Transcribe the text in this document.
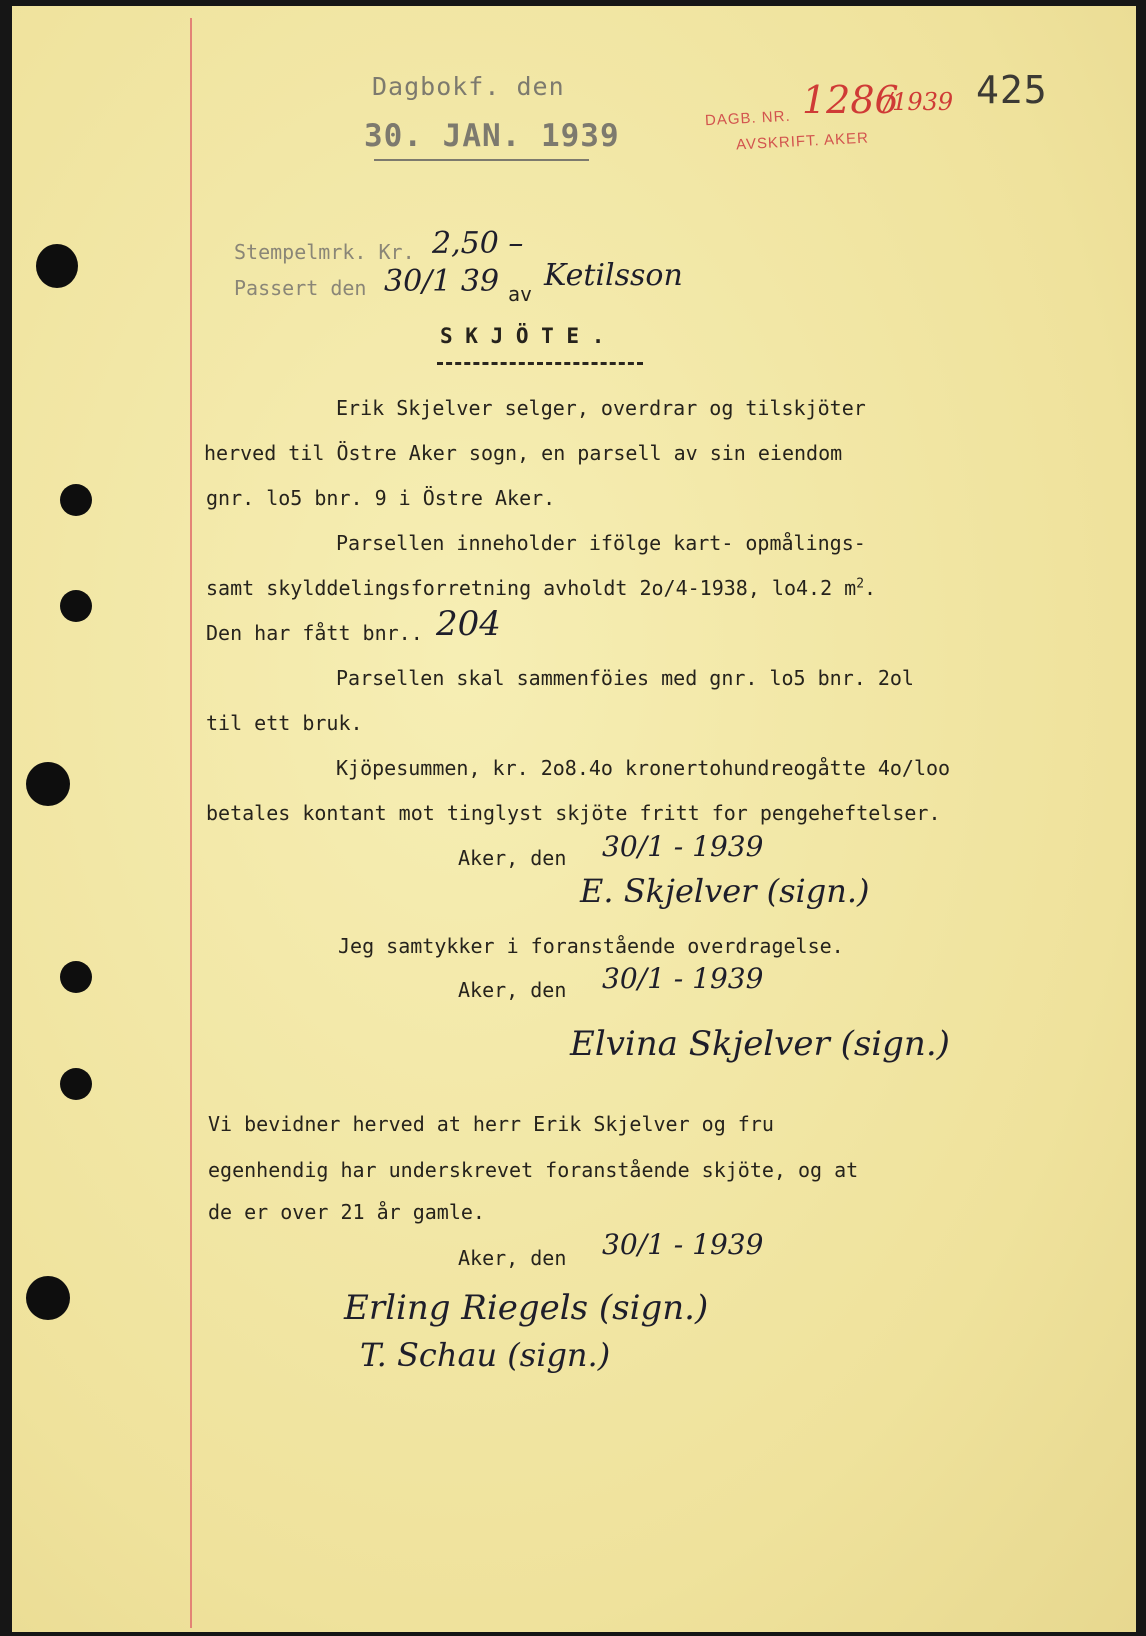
Dagbokf. den
30. JAN. 1939	DAGB. NR. 1286
/1939
AVSKRIFT. AKER
425
Stempelmrk. Kr. 2,50 –
Passert den 30/1 39 av
Ketilsson
S K J Ö T E .
Erik Skjelver selger, overdrar og tilskjöter
herved til Östre Aker sogn, en parsell av sin eiendom
gnr. lo5 bnr. 9 i Östre Aker.
Parsellen inneholder ifölge kart- opmålings-
samt skylddelingsforretning avholdt 2o/4-1938, lo4.2 $m^2$.
Den har fått bnr.. 204
Parsellen skal sammenföies med gnr. lo5 bnr. 2ol
til ett bruk.
Kjöpesummen, kr. 2o8.4o kronertohundreogåtte 4o/loo
betales kontant mot tinglyst skjöte fritt for pengeheftelser.
Aker, den 30/1 - 1939
E. Skjelver (sign.)
Jeg samtykker i foranstående overdragelse.
Aker, den 30/1 - 1939
Elvina Skjelver (sign.)
Vi bevidner herved at herr Erik Skjelver og fru
egenhendig har underskrevet foranstående skjöte, og at
de er over 21 år gamle.
Aker, den 30/1 - 1939
Erling Riegels (sign.)
T. Schau (sign.)
